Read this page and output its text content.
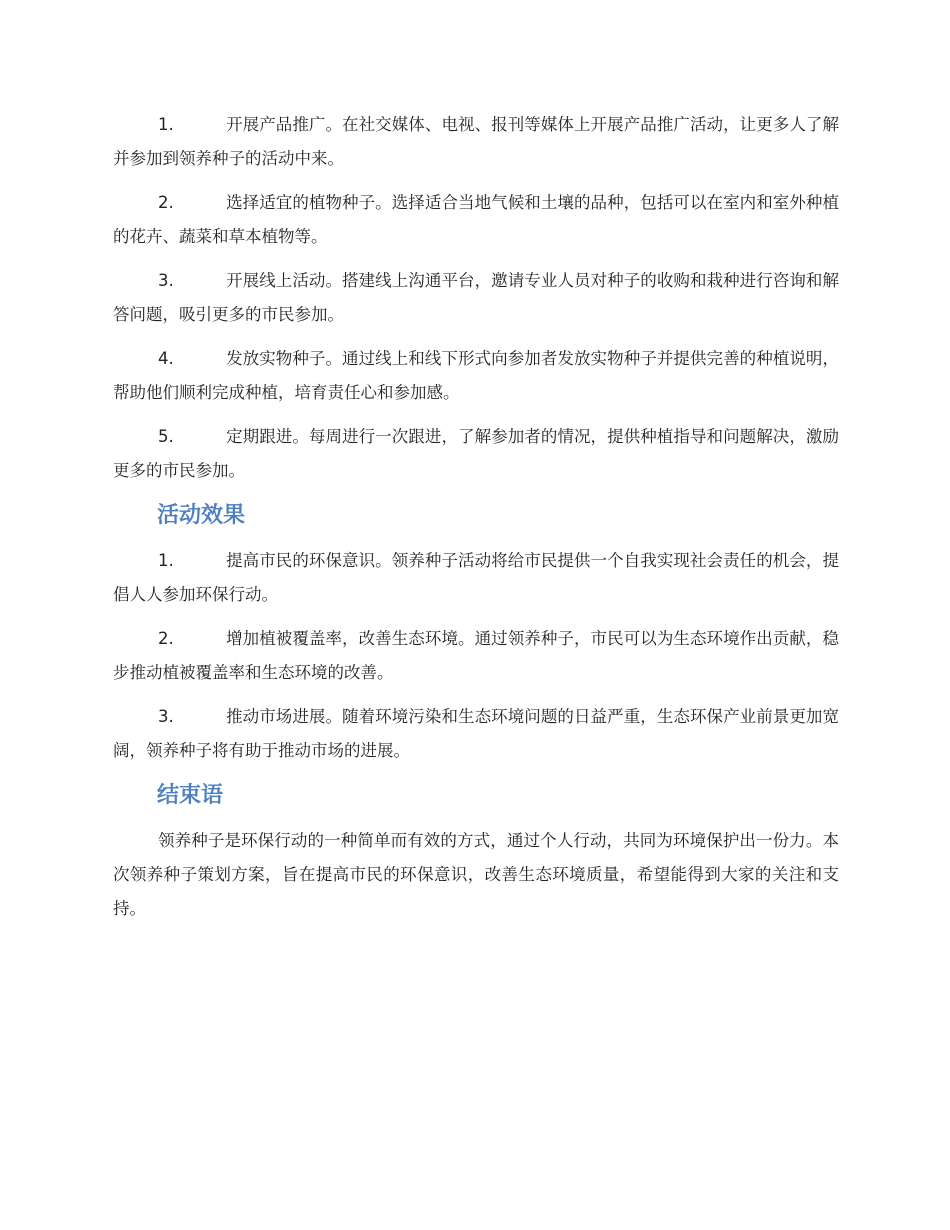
1.	开展产品推广。在社交媒体、电视、报刊等媒体上开展产品推广活动，让更多人了解并参加到领养种子的活动中来。

2.	选择适宜的植物种子。选择适合当地气候和土壤的品种，包括可以在室内和室外种植的花卉、蔬菜和草本植物等。

3.	开展线上活动。搭建线上沟通平台，邀请专业人员对种子的收购和栽种进行咨询和解答问题，吸引更多的市民参加。

4.	发放实物种子。通过线上和线下形式向参加者发放实物种子并提供完善的种植说明，帮助他们顺利完成种植，培育责任心和参加感。

5.	定期跟进。每周进行一次跟进，了解参加者的情况，提供种植指导和问题解决，激励更多的市民参加。

活动效果

1.	提高市民的环保意识。领养种子活动将给市民提供一个自我实现社会责任的机会，提倡人人参加环保行动。

2.	增加植被覆盖率，改善生态环境。通过领养种子，市民可以为生态环境作出贡献，稳步推动植被覆盖率和生态环境的改善。

3.	推动市场进展。随着环境污染和生态环境问题的日益严重，生态环保产业前景更加宽阔，领养种子将有助于推动市场的进展。

结束语

领养种子是环保行动的一种简单而有效的方式，通过个人行动，共同为环境保护出一份力。本次领养种子策划方案，旨在提高市民的环保意识，改善生态环境质量，希望能得到大家的关注和支持。
